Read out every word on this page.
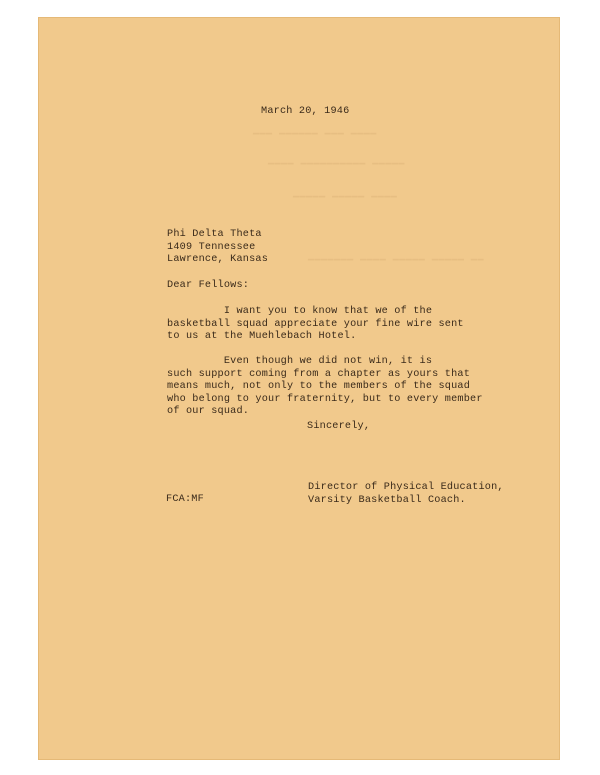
━━━ ━━━━━━ ━━━ ━━━━
━━━━ ━━━━━━━━━━ ━━━━━
━━━━━ ━━━━━ ━━━━
━━━━━━━ ━━━━ ━━━━━ ━━━━━ ━━
March 20, 1946
Phi Delta Theta
1409 Tennessee
Lawrence, Kansas
Dear Fellows:
I want you to know that we of the
basketball squad appreciate your fine wire sent
to us at the Muehlebach Hotel.
Even though we did not win, it is
such support coming from a chapter as yours that
means much, not only to the members of the squad
who belong to your fraternity, but to every member
of our squad.
Sincerely,
Director of Physical Education,
Varsity Basketball Coach.
FCA:MF
